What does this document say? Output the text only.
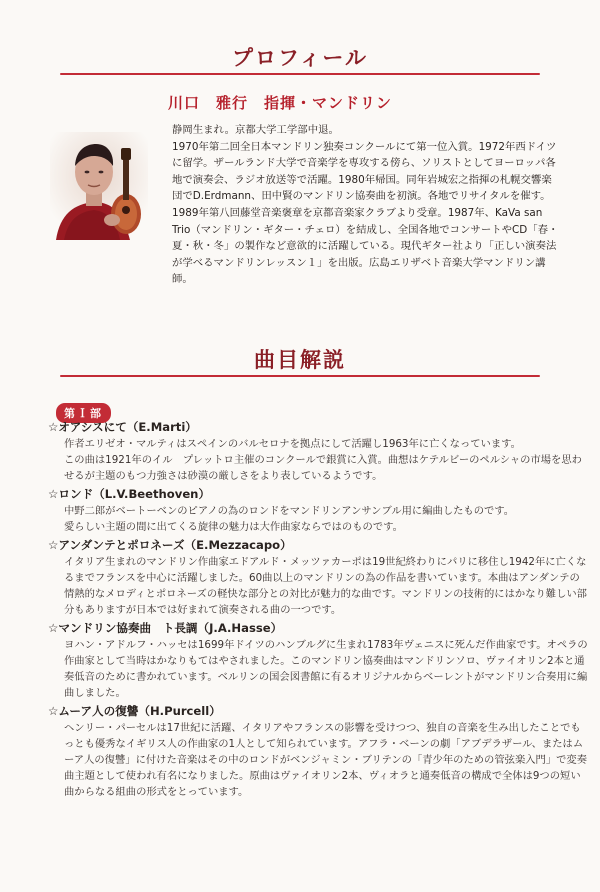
プロフィール
川口　雅行　指揮・マンドリン

静岡生まれ。京都大学工学部中退。
1970年第二回全日本マンドリン独奏コンクールにて第一位入賞。1972年西ドイツに留学。ザールランド大学で音楽学を専攻する傍ら、ソリストとしてヨーロッパ各地で演奏会、ラジオ放送等で活躍。1980年帰国。同年岩城宏之指揮の札幌交響楽団でD.Erdmann、田中賢のマンドリン協奏曲を初演。各地でリサイタルを催す。1989年第八回藤堂音楽褒章を京都音楽家クラブより受章。1987年、KaVa san Trio（マンドリン・ギター・チェロ）を結成し、全国各地でコンサートやCD「春・夏・秋・冬」の製作など意欲的に活躍している。現代ギター社より「正しい演奏法が学べるマンドリンレッスン１」を出版。広島エリザベト音楽大学マンドリン講師。

曲目解説
第Ｉ部

☆オアシスにて（E.Marti）

作者エリゼオ・マルティはスペインのバルセロナを拠点にして活躍し1963年に亡くなっています。
この曲は1921年のイル　プレットロ主催のコンクールで銀賞に入賞。曲想はケテルビーのペルシャの市場を思わせるが主題のもつ力強さは砂漠の厳しさをより表しているようです。

☆ロンド（L.V.Beethoven）

中野二郎がベートーベンのピアノの為のロンドをマンドリンアンサンブル用に編曲したものです。
愛らしい主題の間に出てくる旋律の魅力は大作曲家ならではのものです。

☆アンダンテとポロネーズ（E.Mezzacapo）

イタリア生まれのマンドリン作曲家エドアルド・メッツァカーポは19世紀終わりにパリに移住し1942年に亡くなるまでフランスを中心に活躍しました。60曲以上のマンドリンの為の作品を書いています。本曲はアンダンテの情熱的なメロディとポロネーズの軽快な部分との対比が魅力的な曲です。マンドリンの技術的にはかなり難しい部分もありますが日本では好まれて演奏される曲の一つです。

☆マンドリン協奏曲　ト長調（J.A.Hasse）

ヨハン・アドルフ・ハッセは1699年ドイツのハンブルグに生まれ1783年ヴェニスに死んだ作曲家です。オペラの作曲家として当時はかなりもてはやされました。このマンドリン協奏曲はマンドリンソロ、ヴァイオリン2本と通奏低音のために書かれています。ベルリンの国会図書館に有るオリジナルからベーレントがマンドリン合奏用に編曲しました。

☆ムーア人の復讐（H.Purcell）

ヘンリー・パーセルは17世紀に活躍、イタリアやフランスの影響を受けつつ、独自の音楽を生み出したことでもっとも優秀なイギリス人の作曲家の1人として知られています。アフラ・ベーンの劇「アブデラザール、またはムーア人の復讐」に付けた音楽はその中のロンドがベンジャミン・ブリテンの「青少年のための管弦楽入門」で変奏曲主題として使われ有名になりました。原曲はヴァイオリン2本、ヴィオラと通奏低音の構成で全体は9つの短い曲からなる組曲の形式をとっています。
